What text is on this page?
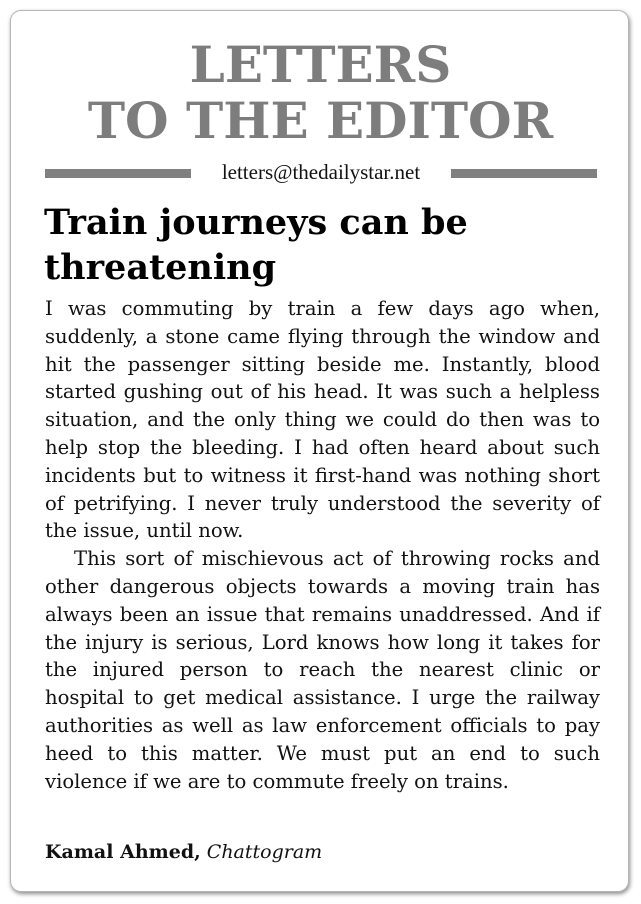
LETTERS
TO THE EDITOR
letters@thedailystar.net
Train journeys can be
threatening

I was commuting by train a few days ago when, suddenly, a stone came flying through the window and hit the passenger sitting beside me. Instantly, blood started gushing out of his head. It was such a helpless situation, and the only thing we could do then was to help stop the bleeding. I had often heard about such incidents but to witness it first-hand was nothing short of petrifying. I never truly understood the severity of the issue, until now.

This sort of mischievous act of throwing rocks and other dangerous objects towards a moving train has always been an issue that remains unaddressed. And if the injury is serious, Lord knows how long it takes for the injured person to reach the nearest clinic or hospital to get medical assistance. I urge the railway authorities as well as law enforcement officials to pay heed to this matter. We must put an end to such violence if we are to commute freely on trains.

Kamal Ahmed, Chattogram
